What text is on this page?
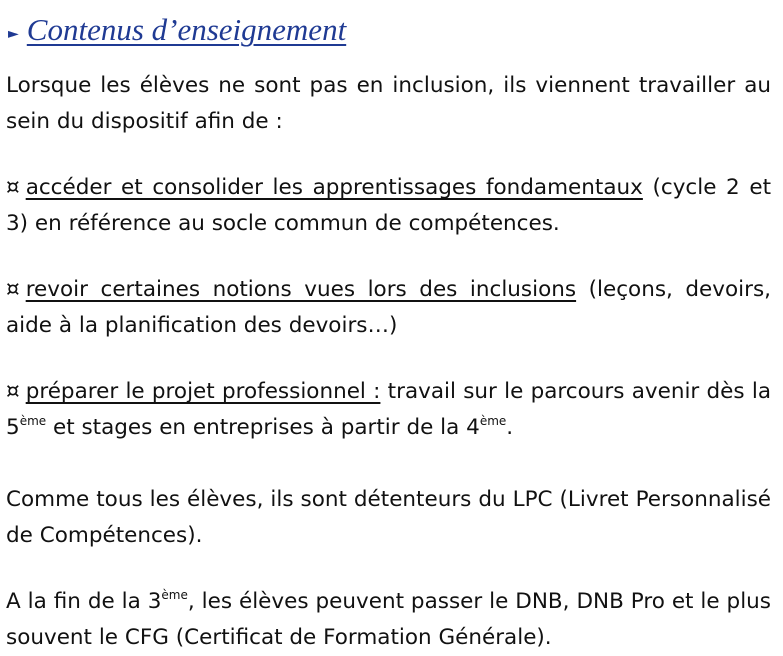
► Contenus d’enseignement

Lorsque les élèves ne sont pas en inclusion, ils viennent travailler au sein du dispositif afin de :

¤ accéder et consolider les apprentissages fondamentaux (cycle 2 et 3) en référence au socle commun de compétences.

¤ revoir certaines notions vues lors des inclusions (leçons, devoirs, aide à la planification des devoirs…)

¤ préparer le projet professionnel : travail sur le parcours avenir dès la 5ème et stages en entreprises à partir de la 4ème.

Comme tous les élèves, ils sont détenteurs du LPC (Livret Personnalisé de Compétences).

A la fin de la 3ème, les élèves peuvent passer le DNB, DNB Pro et le plus souvent le CFG (Certificat de Formation Générale).
